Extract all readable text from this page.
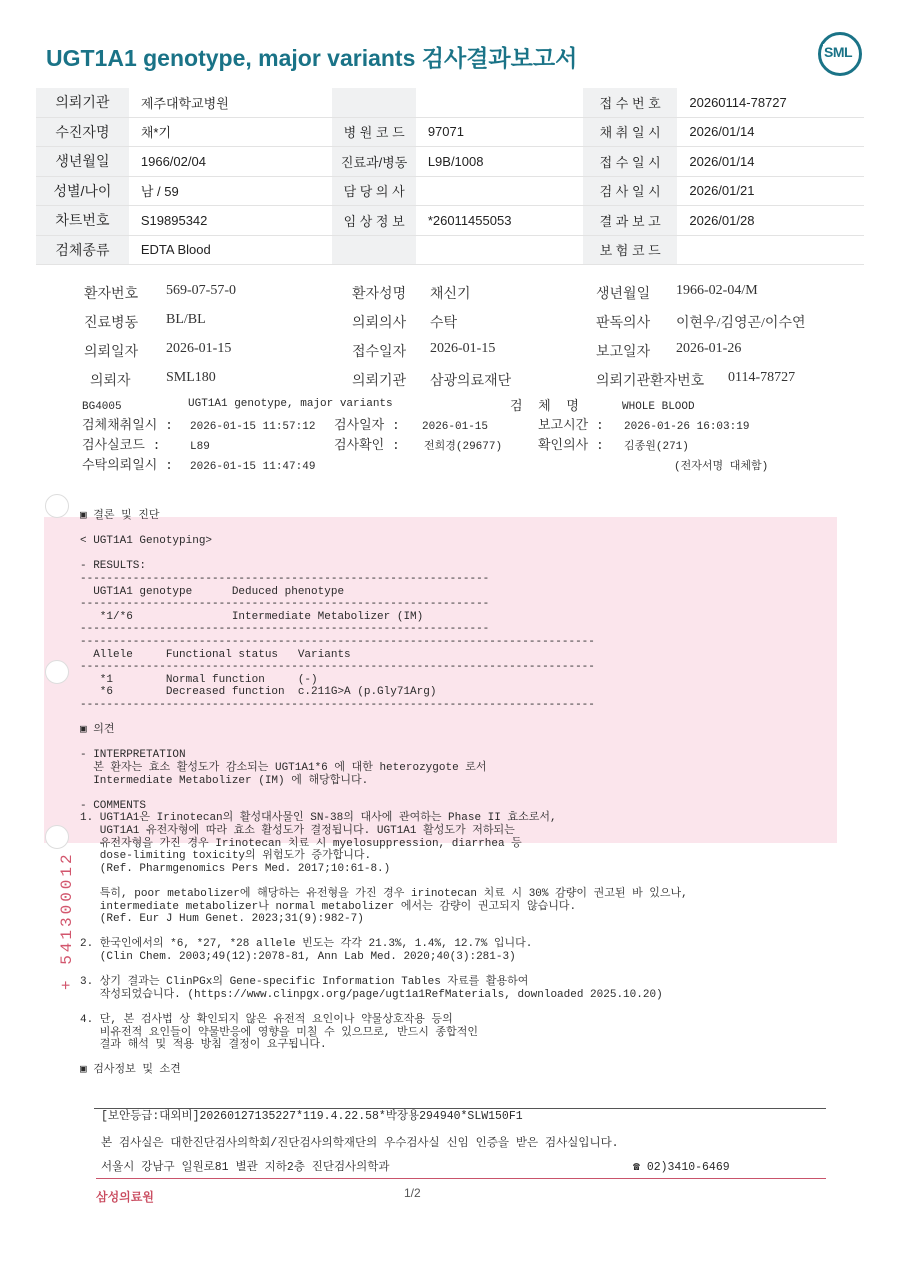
UGT1A1 genotype, major variants 검사결과보고서	SML
의뢰기관	제주대학교병원			접 수 번 호	20260114-78727
수진자명	채*기	병 원 코 드	97071	채 취 일 시	2026/01/14
생년월일	1966/02/04	진료과/병동	L9B/1008	접 수 일 시	2026/01/14
성별/나이	남 / 59	담 당 의 사		검 사 일 시	2026/01/21
차트번호	S19895342	임 상 정 보	*26011455053	결 과 보 고	2026/01/28
검체종류	EDTA Blood			보 험 코 드	
환자번호 569-07-57-0	환자성명 채신기	생년월일 1966-02-04/M
진료병동 BL/BL	의뢰의사 수탁	판독의사 이현우/김영곤/이수연
의뢰일자 2026-01-15	접수일자 2026-01-15	보고일자 2026-01-26
의뢰자	SML180	의뢰기관 삼광의료재단	의뢰기관환자번호 0114-78727
BG4005	UGT1A1 genotype, major variants	검  체  명	WHOLE BLOOD
검체채취일시 : 2026-01-15 11:57:12 검사일자 : 2026-01-15	보고시간 : 2026-01-26 16:03:19
검사실코드 :	L89	검사확인 : 전희경(29677)	확인의사 : 김종원(271)
수탁의뢰일시 : 2026-01-15 11:47:49	(전자서명 대체함)
▣ 결론 및 진단
< UGT1A1 Genotyping>
- RESULTS:
--------------------------------------------------------------
UGT1A1 genotype      Deduced phenotype
--------------------------------------------------------------
*1/*6               Intermediate Metabolizer (IM)
--------------------------------------------------------------
------------------------------------------------------------------------------
Allele     Functional status   Variants
------------------------------------------------------------------------------
*1        Normal function     (-)
*6        Decreased function  c.211G>A (p.Gly71Arg)
------------------------------------------------------------------------------
▣ 의견
- INTERPRETATION
본 환자는 효소 활성도가 감소되는 UGT1A1*6 에 대한 heterozygote 로서
Intermediate Metabolizer (IM) 에 해당합니다.
- COMMENTS
1. UGT1A1은 Irinotecan의 활성대사물인 SN-38의 대사에 관여하는 Phase II 효소로서,
UGT1A1 유전자형에 따라 효소 활성도가 결정됩니다. UGT1A1 활성도가 저하되는
유전자형을 가진 경우 Irinotecan 치료 시 myelosuppression, diarrhea 등
dose-limiting toxicity의 위험도가 증가합니다.
(Ref. Pharmgenomics Pers Med. 2017;10:61-8.)
특히, poor metabolizer에 해당하는 유전형을 가진 경우 irinotecan 치료 시 30% 감량이 권고된 바 있으나,
intermediate metabolizer나 normal metabolizer 에서는 감량이 권고되지 않습니다.
(Ref. Eur J Hum Genet. 2023;31(9):982-7)
2. 한국인에서의 *6, *27, *28 allele 빈도는 각각 21.3%, 1.4%, 12.7% 입니다.
(Clin Chem. 2003;49(12):2078-81, Ann Lab Med. 2020;40(3):281-3)
3. 상기 결과는 ClinPGx의 Gene-specific Information Tables 자료를 활용하여
작성되었습니다. (https://www.clinpgx.org/page/ugt1a1RefMaterials, downloaded 2025.10.20)
4. 단, 본 검사법 상 확인되지 않은 유전적 요인이나 약물상호작용 등의
비유전적 요인들이 약물반응에 영향을 미칠 수 있으므로, 반드시 종합적인
결과 해석 및 적용 방침 결정이 요구됩니다.
▣ 검사정보 및 소견
+ 541300012
[보안등급:대외비]20260127135227*119.4.22.58*박장용294940*SLW150F1
본 검사실은 대한진단검사의학회/진단검사의학재단의 우수검사실 신임 인증을 받은 검사실입니다.
서울시 강남구 일원로81 별관 지하2층 진단검사의학과	☎ 02)3410-6469
삼성의료원	1/2
